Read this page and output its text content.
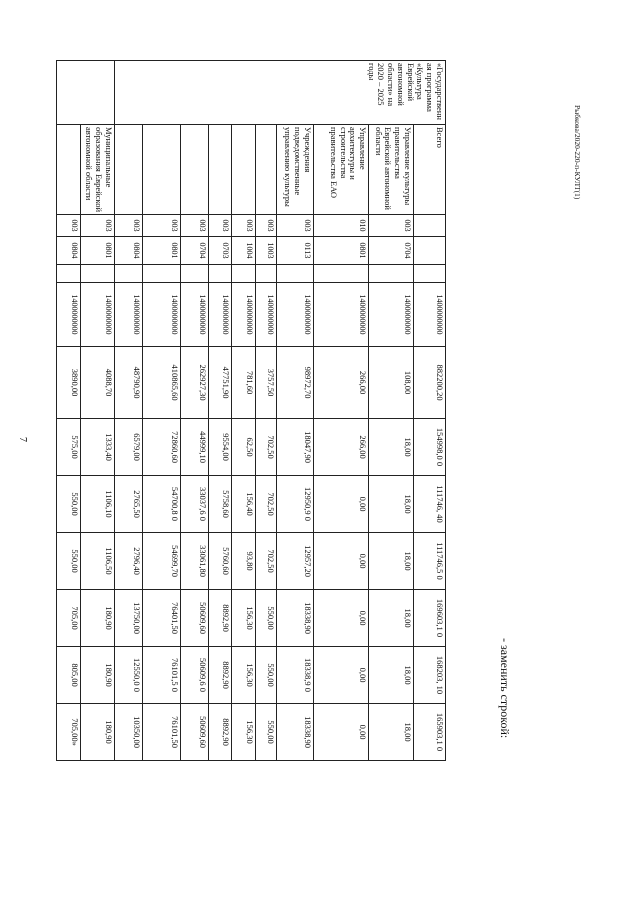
7
Рыбкова/2020-220-п-КУЛТ(1)
- заменить строкой:
«Государственная программа «Культура Еврейской автономной области» на 2020 – 2025 годы	Всего				1400000000	882200,20	154998,0 0	111746, 40	111746,5 0	169603,1 0	168203, 10	165903,1 0
	Управление культуры правительства Еврейской автономной области	003	0704		1400000000	108,00	18,00	18,00	18,00	18,00	18,00	18,00
	Управление архитектуры и строительства правительства ЕАО	010	0801		1400000000	266,00	266,00	0,00	0,00	0,00	0,00	0,00
	Учреждения подведомственные управлению культуры	003	0113		1400000000	98972,70	18047,90	12950,9 0	12957,20	18338,90	18338,9 0	18338,90
		003	1003		1400000000	3757,50	702,50	702,50	702,50	550,00	550,00	550,00
		003	1004		1400000000	781,60	62,50	156,40	93,80	156,30	156,30	156,30
		003	0703		1400000000	47751,90	9554,00	5758,60	5760,60	8892,90	8892,90	8892,90
		003	0704		1400000000	262927,30	44999,10	33037,6 0	33061,80	50609,60	50609,6 0	50609,60
		003	0801		1400000000	410865,60	72860,60	54700,8 0	54699,70	76401,50	76101,5 0	76101,50
		003	0804		1400000000	48790,90	6579,00	2765,50	2796,40	13750,00	12550,0 0	10350,00
	Муниципальные образования Еврейской автономной области	003	0801		1400000000	4088,70	1333,40	1106,10	1106,50	180,90	180,90	180,90
		003	0804		1400000000	3890,00	575,00	550,00	550,00	705,00	805,00	705,00»
